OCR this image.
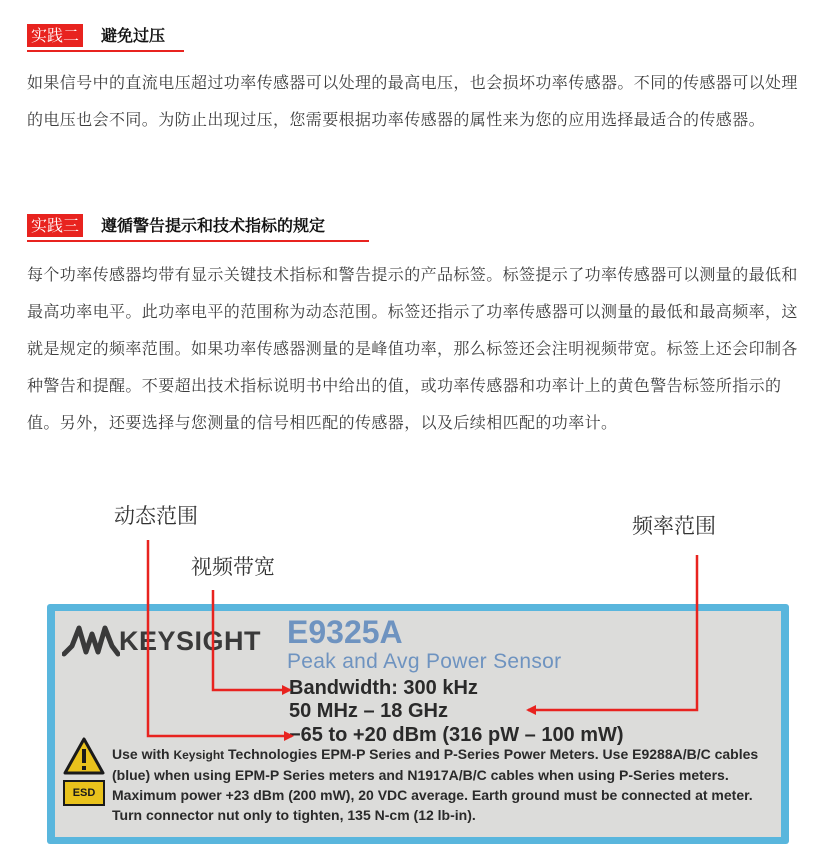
实践二 避免过压

如果信号中的直流电压超过功率传感器可以处理的最高电压，也会损坏功率传感器。不同的传感器可以处理的电压也会不同。为防止出现过压，您需要根据功率传感器的属性来为您的应用选择最适合的传感器。

实践三 遵循警告提示和技术指标的规定

每个功率传感器均带有显示关键技术指标和警告提示的产品标签。标签提示了功率传感器可以测量的最低和最高功率电平。此功率电平的范围称为动态范围。标签还指示了功率传感器可以测量的最低和最高频率，这就是规定的频率范围。如果功率传感器测量的是峰值功率，那么标签还会注明视频带宽。标签上还会印制各种警告和提醒。不要超出技术指标说明书中给出的值，或功率传感器和功率计上的黄色警告标签所指示的值。另外，还要选择与您测量的信号相匹配的传感器，以及后续相匹配的功率计。

动态范围
视频带宽
频率范围
KEYSIGHT E9325A
Peak and Avg Power Sensor
Bandwidth: 300 kHz
50 MHz – 18 GHz
−65 to +20 dBm (316 pW – 100 mW)
ESD
Use with Keysight Technologies EPM-P Series and P-Series Power Meters. Use E9288A/B/C cables (blue) when using EPM-P Series meters and N1917A/B/C cables when using P-Series meters. Maximum power +23 dBm (200 mW), 20 VDC average. Earth ground must be connected at meter. Turn connector nut only to tighten, 135 N-cm (12 lb-in).
